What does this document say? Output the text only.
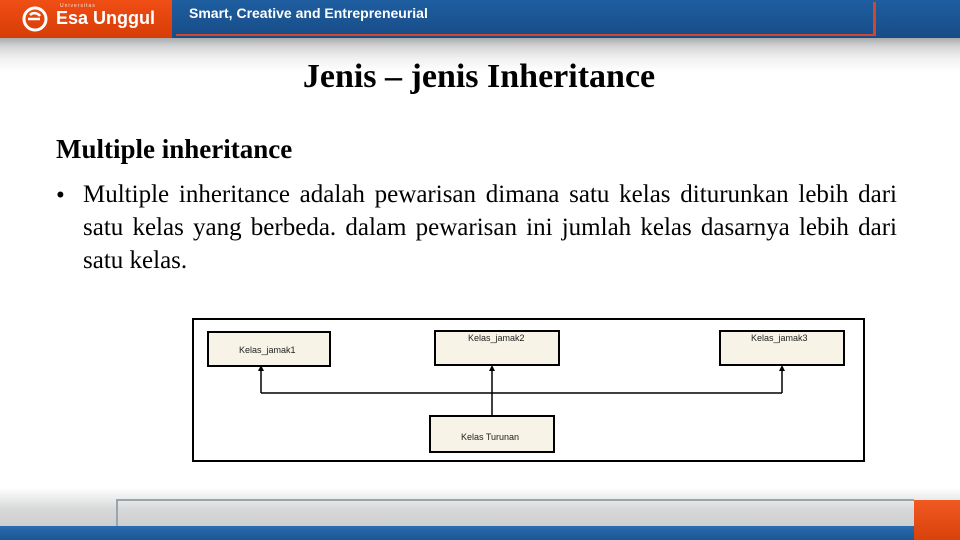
Universitas
Esa Unggul Smart, Creative and Entrepreneurial
Jenis – jenis Inheritance
Multiple inheritance
• Multiple inheritance adalah pewarisan dimana satu kelas diturunkan lebih dari satu kelas yang berbeda. dalam pewarisan ini jumlah kelas dasarnya lebih dari satu kelas.
Kelas_jamak1
Kelas_jamak2	Kelas_jamak3
Kelas Turunan
